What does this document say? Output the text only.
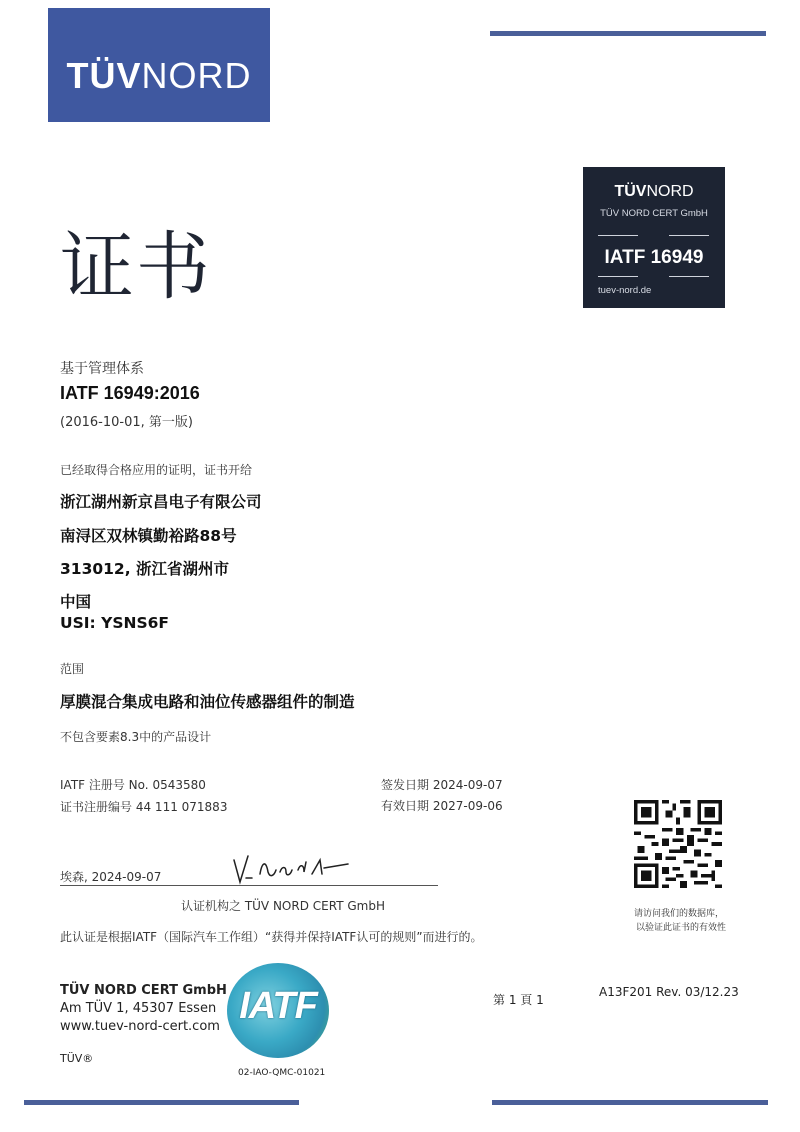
TÜVNORD
证书
TÜVNORD
TÜV NORD CERT GmbH
IATF 16949
tuev-nord.de
基于管理体系
IATF 16949:2016
(2016-10-01, 第一版)
已经取得合格应用的证明，证书开给
浙江湖州新京昌电子有限公司
南浔区双林镇勤裕路88号
313012, 浙江省湖州市
中国
USI: YSNS6F
范围
厚膜混合集成电路和油位传感器组件的制造
不包含要素8.3中的产品设计
IATF 注册号 No. 0543580
证书注册编号 44 111 071883
签发日期 2024-09-07
有效日期 2027-09-06
请访问我们的数据库，
以验证此证书的有效性
埃森, 2024-09-07
认证机构之 TÜV NORD CERT GmbH
此认证是根据IATF（国际汽车工作组）“获得并保持IATF认可的规则”而进行的。
TÜV NORD CERT GmbH
Am TÜV 1, 45307 Essen
www.tuev-nord-cert.com
TÜV®
IATF
02-IAO-QMC-01021
第 1 頁 1
A13F201 Rev. 03/12.23
